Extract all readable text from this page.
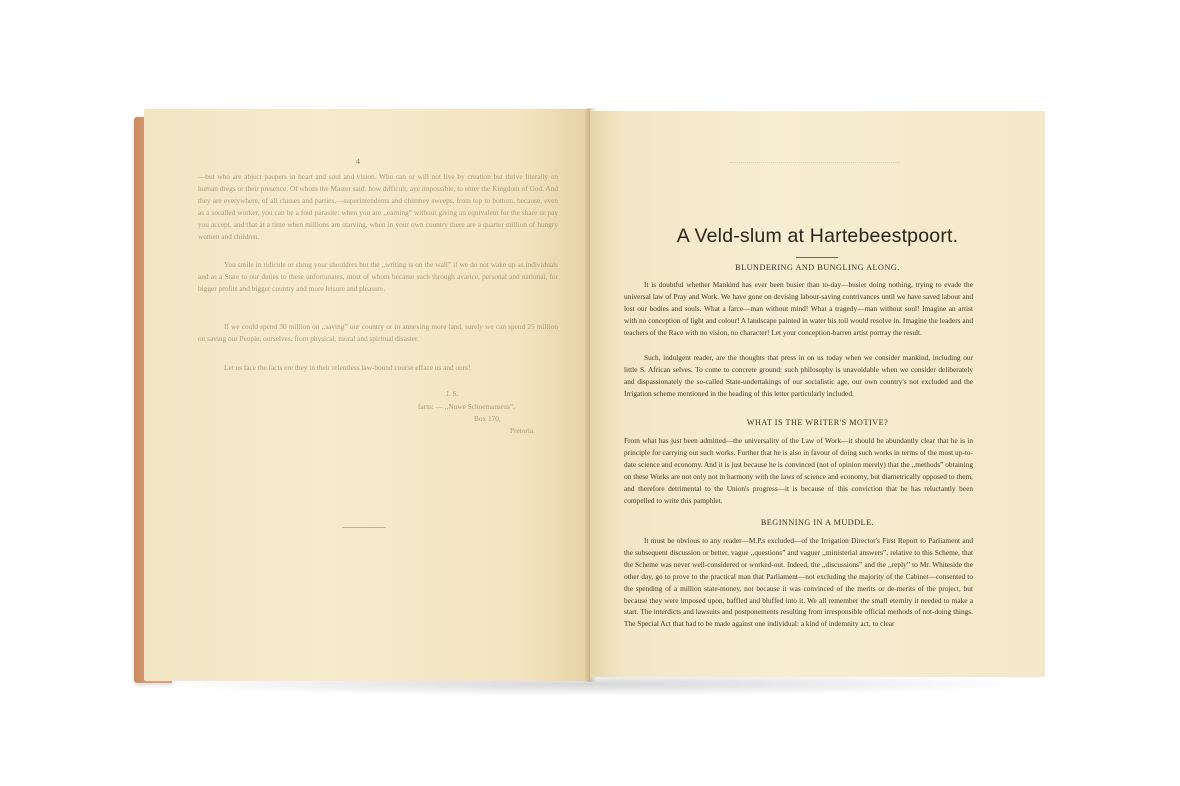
4

—but who are abject paupers in heart and soul and vision. Who can or will not live by creation but thrive literally on human dregs or their presence. Of whom the Master said: how difficult, aye impossible, to enter the Kingdom of God. And they are everywhere, of all classes and parties,—superintendents and chimney sweeps, from top to bottom, because, even as a socalled worker, you can be a foul parasite: when you are ,,earning” without giving an equivalent for the share or pay you accept, and that at a time when millions are starving, when in your own country there are a quarter million of hungry women and children.

You smile in ridicule or shrug your shoulders but the ,,writing is on the wall” if we do not wake up as individuals and as a State to our duties to these unfortunates, most of whom became such through avarice, personal and national, for bigger profits and bigger country and more leisure and pleasure.

If we could spend 30 million on ,,saving” our country or in annexing more land, surely we can spend 25 million on saving our People, ourselves, from physical, moral and spiritual disaster.

Let us face the facts ere they in their relentless law-bound course efface us and ours!

J. S.
farm: — ,,Nuwe Schoemansrus”.
Box 170,
Pretoria.
A Veld-slum at Hartebeestpoort.
BLUNDERING AND BUNGLING ALONG.

It is doubtful whether Mankind has ever been busier than to-day—busier doing nothing, trying to evade the universal law of Pray and Work. We have gone on devising labour-saving contrivances until we have saved labour and lost our bodies and souls. What a farce—man without mind! What a tragedy—man without soul! Imagine an artist with no conception of light and colour! A landscape painted in water his toil would resolve in. Imagine the leaders and teachers of the Race with no vision, no character! Let your conception-barren artist portray the result.

Such, indulgent reader, are the thoughts that press in on us today when we consider mankind, including our little S. African selves. To come to concrete ground: such philosophy is unavoidable when we consider deliberately and dispassionately the so-called State-undertakings of our socialistic age, our own country's not excluded and the Irrigation scheme mentioned in the heading of this letter particularly included.

WHAT IS THE WRITER'S MOTIVE?

From what has just been admitted—the universality of the Law of Work—it should be abundantly clear that he is in principle for carrying out such works. Further that he is also in favour of doing such works in terms of the most up-to-date science and economy. And it is just because he is convinced (not of opinion merely) that the ,,methods” obtaining on these Works are not only not in harmony with the laws of science and economy, but diametrically opposed to them, and therefore detrimental to the Union's progress—it is because of this conviction that he has reluctantly been compelled to write this pamphlet.

BEGINNING IN A MUDDLE.

It must be obvious to any reader—M.P.s excluded—of the Irrigation Director's First Report to Parliament and the subsequent discussion or better, vague ,,questions” and vaguer ,,ministerial answers”, relative to this Scheme, that the Scheme was never well-considered or worked-out. Indeed, the ,,discussions” and the ,,reply” to Mr. Whiteside the other day, go to prove to the practical man that Parliament—not excluding the majority of the Cabinet—consented to the spending of a million state-money, not because it was convinced of the merits or de-merits of the project, but because they were imposed upon, baffled and bluffed into it. We all remember the small eternity it needed to make a start. The interdicts and lawsuits and postponements resulting from irresponsible official methods of not-doing things. The Special Act that had to be made against one individual: a kind of indemnity act, to clear
